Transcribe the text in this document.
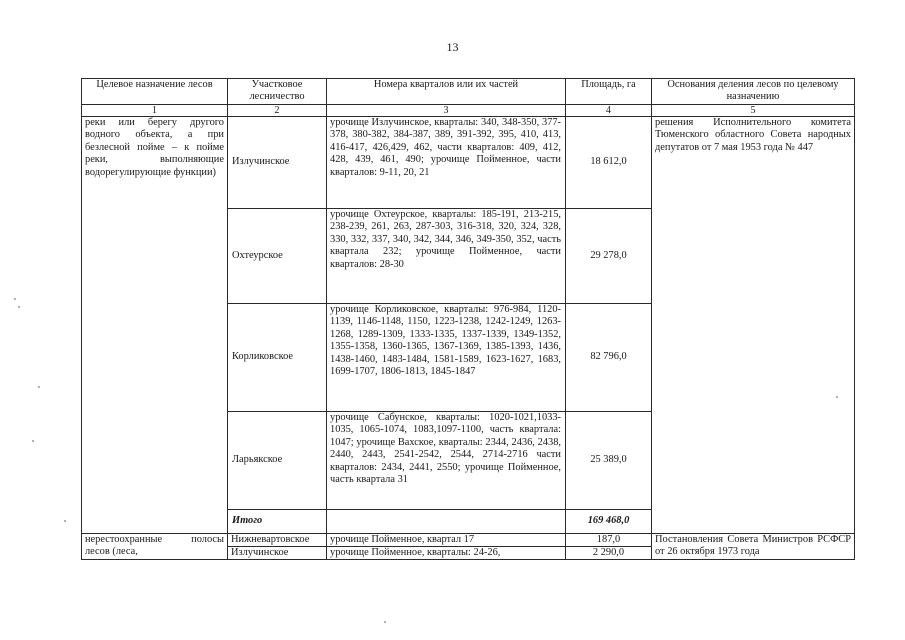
13
Целевое назначение лесов	Участковое лесничество	Номера кварталов или их частей	Площадь, га	Основания деления лесов по целевому назначению
1	2	3	4	5
реки или берегу другого водного объекта, а при безлесной пойме – к пойме реки, выполняющие водорегулирующие функции)	Излучинское	урочище Излучинское, кварталы: 340, 348-350, 377-378, 380-382, 384-387, 389, 391-392, 395, 410, 413, 416-417, 426,429, 462, части кварталов: 409, 412, 428, 439, 461, 490; урочище Пойменное, части кварталов: 9-11, 20, 21	18 612,0	решения Исполнительного комитета Тюменского областного Совета народных депутатов от 7 мая 1953 года № 447
	Охтеурское	урочище Охтеурское, кварталы: 185-191, 213-215, 238-239, 261, 263, 287-303, 316-318, 320, 324, 328, 330, 332, 337, 340, 342, 344, 346, 349-350, 352, часть квартала 232; урочище Пойменное, части кварталов: 28-30	29 278,0	
	Корликовское	урочище Корликовское, кварталы: 976-984, 1120-1139, 1146-1148, 1150, 1223-1238, 1242-1249, 1263-1268, 1289-1309, 1333-1335, 1337-1339, 1349-1352, 1355-1358, 1360-1365, 1367-1369, 1385-1393, 1436, 1438-1460, 1483-1484, 1581-1589, 1623-1627, 1683, 1699-1707, 1806-1813, 1845-1847	82 796,0	
	Ларьякское	урочище Сабунское, кварталы: 1020-1021,1033-1035, 1065-1074, 1083,1097-1100, часть квартала: 1047; урочище Вахское, кварталы: 2344, 2436, 2438, 2440, 2443, 2541-2542, 2544, 2714-2716 части кварталов: 2434, 2441, 2550; урочище Пойменное, часть квартала 31	25 389,0	
	Итого		169 468,0	
нерестоохранные полосы лесов (леса,	Нижневартовское	урочище Пойменное, квартал 17	187,0	Постановления Совета Министров РСФСР от 26 октября 1973 года
	Излучинское	урочище Пойменное, кварталы: 24-26,	2 290,0	
